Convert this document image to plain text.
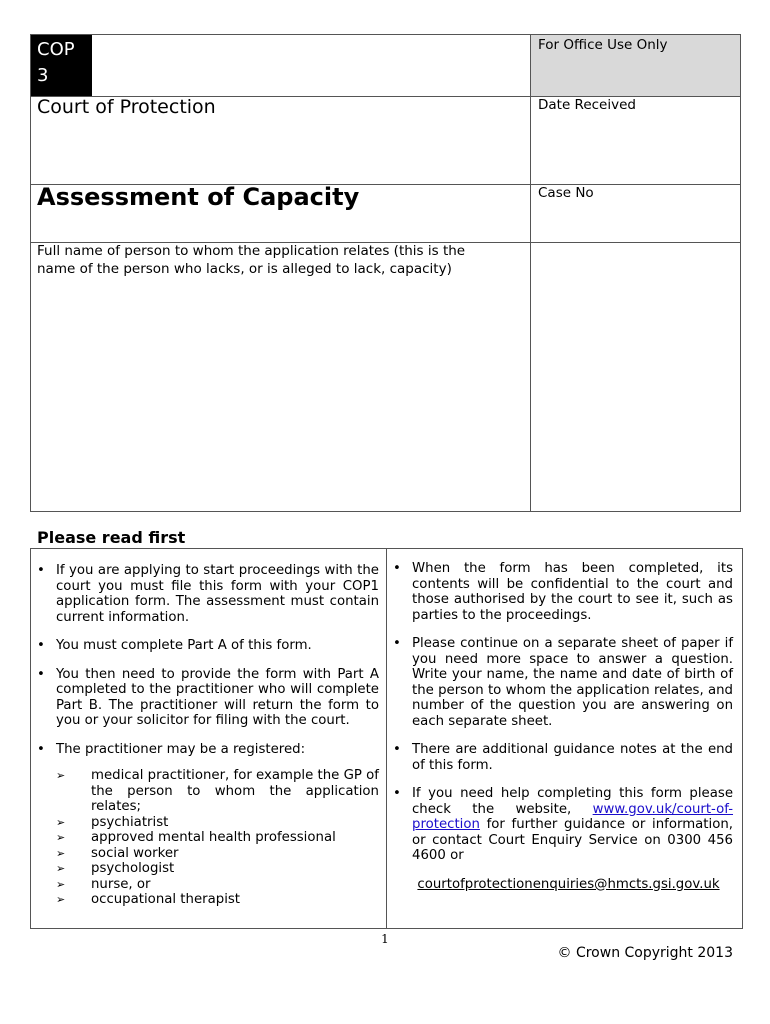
COP
3
For Office Use Only
Court of Protection	Date Received
Assessment of Capacity	Case No
Full name of person to whom the application relates (this is the name of the person who lacks, or is alleged to lack, capacity)
Please read first
• If you are applying to start proceedings with the court you must file this form with your COP1 application form. The assessment must contain current information.
• You must complete Part A of this form.
• You then need to provide the form with Part A completed to the practitioner who will complete Part B. The practitioner will return the form to you or your solicitor for filing with the court.
• The practitioner may be a registered:
➢ medical practitioner, for example the GP of the person to whom the application relates;
➢ psychiatrist
➢ approved mental health professional
➢ social worker
➢ psychologist
➢ nurse, or
➢ occupational therapist
• When the form has been completed, its contents will be confidential to the court and those authorised by the court to see it, such as parties to the proceedings.
• Please continue on a separate sheet of paper if you need more space to answer a question. Write your name, the name and date of birth of the person to whom the application relates, and number of the question you are answering on each separate sheet.
• There are additional guidance notes at the end of this form.
• If you need help completing this form please check the website, www.gov.uk/court-of-protection for further guidance or information, or contact Court Enquiry Service on 0300 456 4600 or
courtofprotectionenquiries@hmcts.gsi.gov.uk
1
© Crown Copyright 2013
